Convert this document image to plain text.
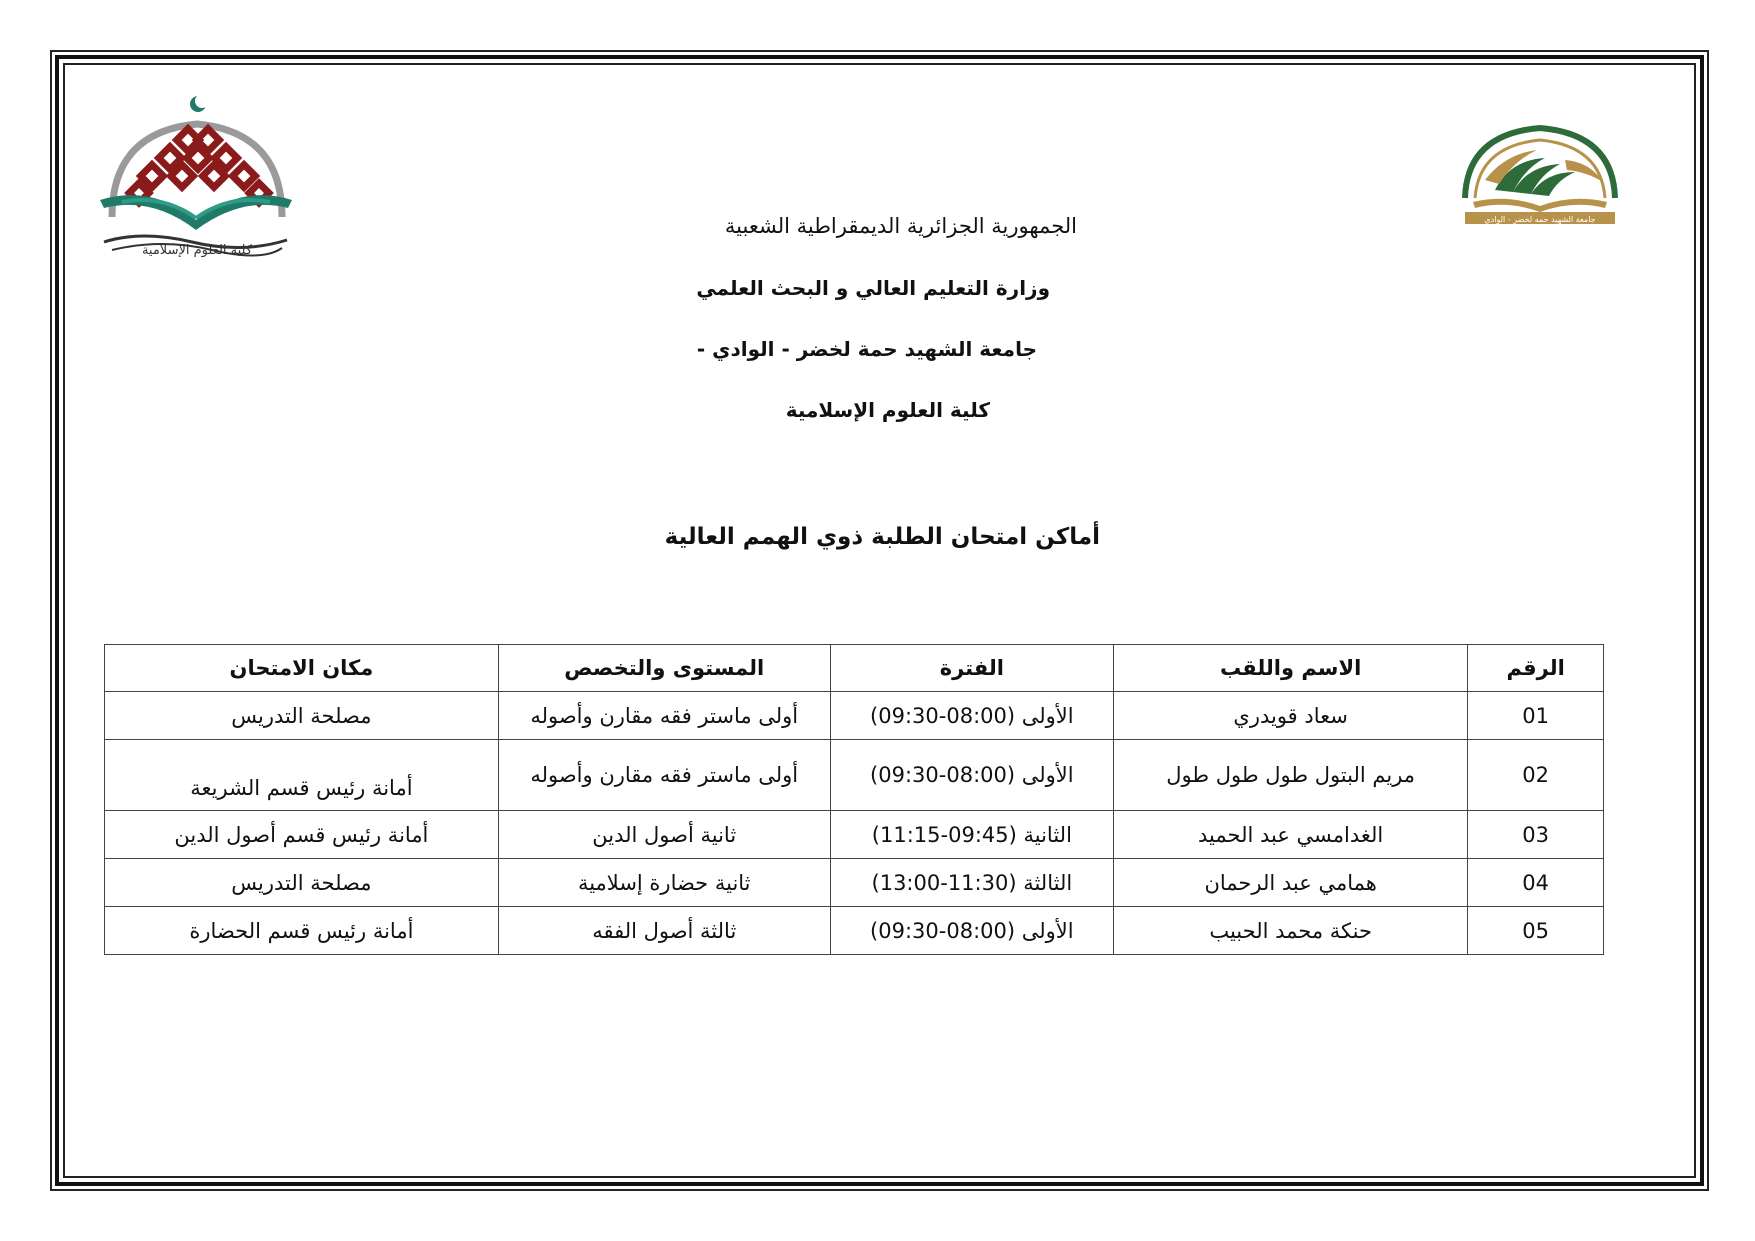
كلية العلوم الإسلامية
جامعة الشهيد حمه لخضر - الوادي
الجمهورية الجزائرية الديمقراطية الشعبية
وزارة التعليم العالي و البحث العلمي
جامعة الشهيد حمة لخضر - الوادي -
كلية العلوم الإسلامية
أماكن امتحان الطلبة ذوي الهمم العالية
الرقم	الاسم واللقب	الفترة	المستوى والتخصص	مكان الامتحان
01	سعاد قويدري	الأولى (08:00-09:30)	أولى ماستر فقه مقارن وأصوله	مصلحة التدريس
02	مريم البتول طول طول طول	الأولى (08:00-09:30)	أولى ماستر فقه مقارن وأصوله	أمانة رئيس قسم الشريعة
03	الغدامسي عبد الحميد	الثانية (09:45-11:15)	ثانية أصول الدين	أمانة رئيس قسم أصول الدين
04	همامي عبد الرحمان	الثالثة (11:30-13:00)	ثانية حضارة إسلامية	مصلحة التدريس
05	حنكة محمد الحبيب	الأولى (08:00-09:30)	ثالثة أصول الفقه	أمانة رئيس قسم الحضارة
